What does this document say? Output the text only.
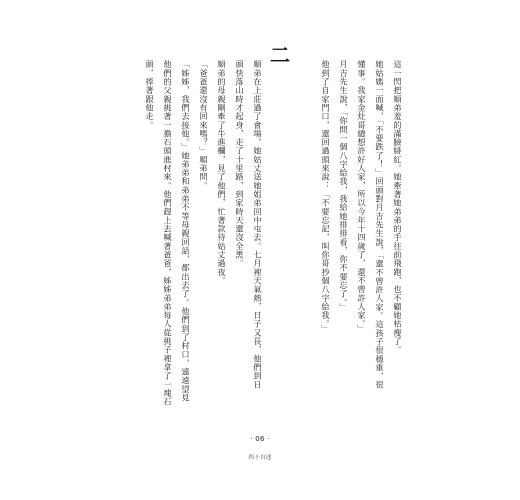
這一閃把順弟羞的滿臉緋紅。她牽著她弟弟的手往前飛跑，也不顧她枯瘦了。
她姑媽一面喊，「不要跌了！」回頭對月吉先生說，「還不曾許人家。這孩子很穩重，很
懂事。我家金灶哥總想許好人家，所以今年十四歲了，還不曾許人家。」
月吉先生說，「你問一個八字給我，我給她排排看，你不要忘了。」
他到了自家門口，還回過頭來說：「不要忘記，叫你哥抄個八字給我。」
二
順弟在上莊過了會場，她姑丈送她姐弟回中屯去。七月裡天氣熱，日子又長，他們到日
頭快落山時才起身，走了十里路，到家時天還沒全黑。
順弟的母親剛牽了牛進欄，見了他們，忙著款待姑丈過夜。
「爸爸還沒有回來嗎？」順弟問。
「姊姊，我們去接他。」她弟弟和弟弟不等母親回話，都出去了。他們到了村口，遠遠望見
他們的父親挑著一擔石頭進村來。他們趕上去喊著爸爸，姊姊弟弟每人從挑子裡拿了一塊石
頭，捧著跟他走。
· 06 ·
四十自述
